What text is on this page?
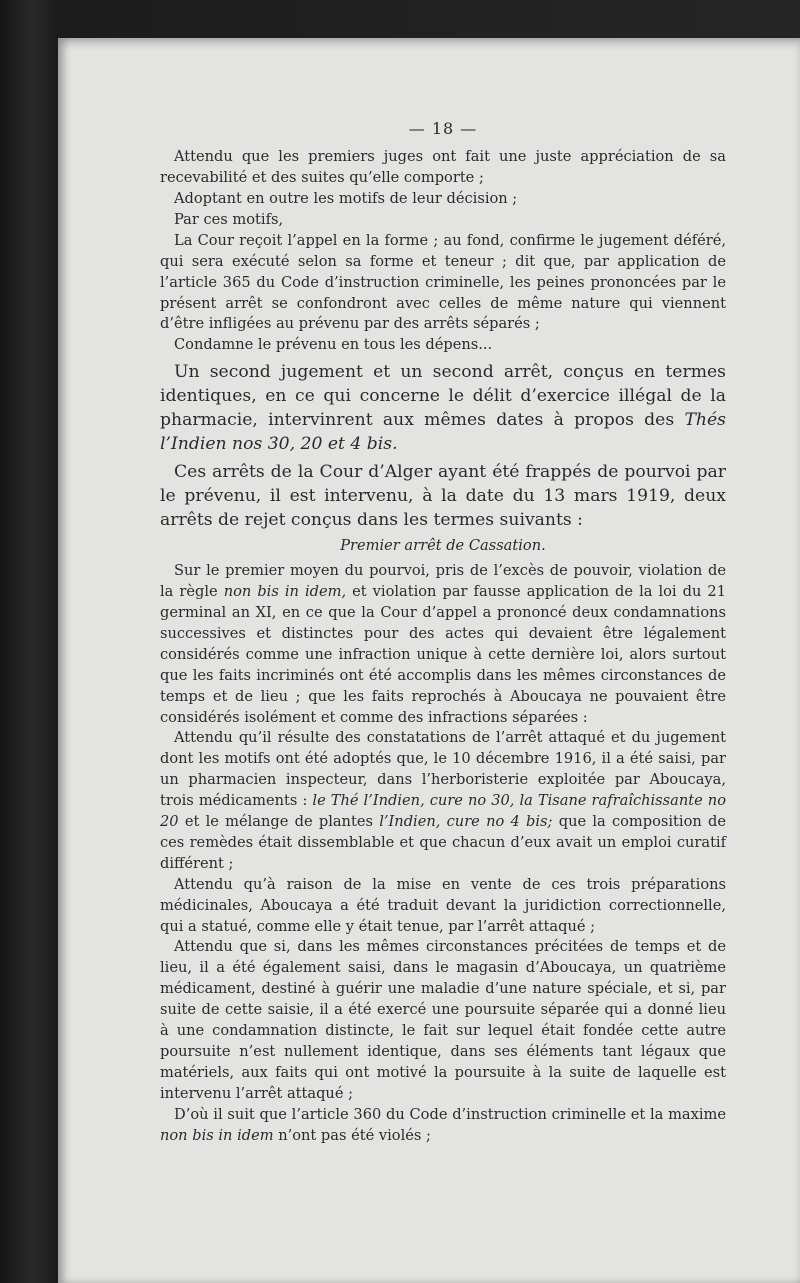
— 18 —

Attendu que les premiers juges ont fait une juste appréciation de sa recevabilité et des suites qu’elle comporte ;

Adoptant en outre les motifs de leur décision ;

Par ces motifs,

La Cour reçoit l’appel en la forme ; au fond, confirme le jugement déféré, qui sera exécuté selon sa forme et teneur ; dit que, par application de l’article 365 du Code d’instruction criminelle, les peines prononcées par le présent arrêt se confondront avec celles de même nature qui viennent d’être infligées au prévenu par des arrêts séparés ;

Condamne le prévenu en tous les dépens...

Un second jugement et un second arrêt, conçus en termes identiques, en ce qui concerne le délit d’exercice illégal de la pharmacie, intervinrent aux mêmes dates à propos des Thés l’Indien nos 30, 20 et 4 bis.

Ces arrêts de la Cour d’Alger ayant été frappés de pourvoi par le prévenu, il est intervenu, à la date du 13 mars 1919, deux arrêts de rejet conçus dans les termes suivants :

Premier arrêt de Cassation.

Sur le premier moyen du pourvoi, pris de l’excès de pouvoir, violation de la règle non bis in idem, et violation par fausse application de la loi du 21 germinal an XI, en ce que la Cour d’appel a prononcé deux condamnations successives et distinctes pour des actes qui devaient être légalement considérés comme une infraction unique à cette dernière loi, alors surtout que les faits incriminés ont été accomplis dans les mêmes circonstances de temps et de lieu ; que les faits reprochés à Aboucaya ne pouvaient être considérés isolément et comme des infractions séparées :

Attendu qu’il résulte des constatations de l’arrêt attaqué et du jugement dont les motifs ont été adoptés que, le 10 décembre 1916, il a été saisi, par un pharmacien inspecteur, dans l’herboristerie exploitée par Aboucaya, trois médicaments : le Thé l’Indien, cure no 30, la Tisane rafraîchissante no 20 et le mélange de plantes l’Indien, cure no 4 bis; que la composition de ces remèdes était dissemblable et que chacun d’eux avait un emploi curatif différent ;

Attendu qu’à raison de la mise en vente de ces trois préparations médicinales, Aboucaya a été traduit devant la juridiction correctionnelle, qui a statué, comme elle y était tenue, par l’arrêt attaqué ;

Attendu que si, dans les mêmes circonstances précitées de temps et de lieu, il a été également saisi, dans le magasin d’Aboucaya, un quatrième médicament, destiné à guérir une maladie d’une nature spéciale, et si, par suite de cette saisie, il a été exercé une poursuite séparée qui a donné lieu à une condamnation distincte, le fait sur lequel était fondée cette autre poursuite n’est nullement identique, dans ses éléments tant légaux que matériels, aux faits qui ont motivé la poursuite à la suite de laquelle est intervenu l’arrêt attaqué ;

D’où il suit que l’article 360 du Code d’instruction criminelle et la maxime non bis in idem n’ont pas été violés ;
